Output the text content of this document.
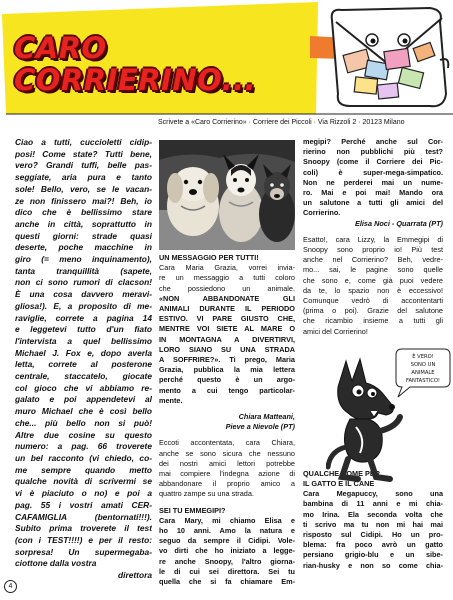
CARO
CORRIERINO...
Scrivete a «Caro Corrierino» · Corriere dei Piccoli · Via Rizzoli 2 · 20123 Milano

Ciao a tutti, cuccioletti cidip-

posi! Come state? Tutti bene,

vero? Grandi tuffi, belle pas-

seggiate, aria pura e tanto

sole! Bello, vero, se le vacan-

ze non finissero mai?! Beh, io

dico che è bellissimo stare

anche in città, soprattutto in

questi giorni: strade quasi

deserte, poche macchine in

giro (= meno inquinamento),

tanta tranquillità (sapete,

non ci sono rumori di clacson!

È una cosa davvero meravi-

gliosa!). E, a proposito di me-

raviglie, correte a pagina 14

e leggetevi tutto d'un fiato

l'intervista a quel bellissimo

Michael J. Fox e, dopo averla

letta, correte al posterone

centrale, staccatelo, giocate

col gioco che vi abbiamo re-

galato e poi appendetevi al

muro Michael che è così bello

che... più bello non si può!

Altre due cosine su questo

numero: a pag. 66 troverete

un bel racconto (vi chiedo, co-

me sempre quando metto

qualche novità di scrivermi se

vi è piaciuto o no) e poi a

pag. 55 i vostri amati CER-

CAFAMIGLIA (bentornati!!!).

Subito prima troverete il test

(con i TEST!!!!) e per il resto:

sorpresa! Un supermegaba-

ciottone dalla vostra

direttora

UN MESSAGGIO PER TUTTI!

Cara Maria Grazia, vorrei invia-

re un messaggio a tutti coloro

che possiedono un animale.

«NON ABBANDONATE GLI

ANIMALI DURANTE IL PERIODO

ESTIVO. VI PARE GIUSTO CHE,

MENTRE VOI SIETE AL MARE O

IN MONTAGNA A DIVERTIRVI,

LORO SIANO SU UNA STRADA

A SOFFRIRE?». Ti prego, Maria

Grazia, pubblica la mia lettera

perché questo è un argo-

mento a cui tengo particolar-

mente.

Chiara Matteani,

Pieve a Nievole (PT)

Eccoti accontentata, cara Chiara,

anche se sono sicura che nessuno

dei nostri amici lettori potrebbe

mai compiere l'indegna azione di

abbandonare il proprio amico a

quattro zampe su una strada.

SEI TU EMMEGIPI?

Cara Mary, mi chiamo Elisa e

ho 10 anni. Amo la natura e

seguo da sempre il Cidipi. Vole-

vo dirti che ho iniziato a legge-

re anche Snoopy, l'altro giorna-

le di cui sei direttora. Sei tu

quella che si fa chiamare Em-

megipi? Perché anche sul Cor-

rierino non pubblichi più test?

Snoopy (come il Corriere dei Pic-

coli) è super-mega-simpatico.

Non ne perderei mai un nume-

ro. Mai e poi mai! Mando ora

un salutone a tutti gli amici del

Corrierino.

Elisa Noci - Quarrata (PT)

Esatto!, cara Lizzy, la Emmegipi di

Snoopy sono proprio io! Più test

anche nel Corrierino? Beh, vedre-

mo... sai, le pagine sono quelle

che sono e, come già puoi vedere

da te, lo spazio non è eccessivo!

Comunque vedrò di accontentarti

(prima o poi). Grazie del salutone

che ricambio insieme a tutti gli

amici del Corrierino!

QUALCHE NOME PER

IL GATTO E IL CANE

Cara Megapuccy, sono una

bambina di 11 anni e mi chia-

mo Irina. Ela seconda volta che

ti scrivo ma tu non mi hai mai

risposto sul Cidipi. Ho un pro-

blema: fra poco avrò un gatto

persiano grigio-blu e un sibe-

rian-husky e non so come chia-

È VERO!
SONO UN
ANIMALE
FANTASTICO!
4
